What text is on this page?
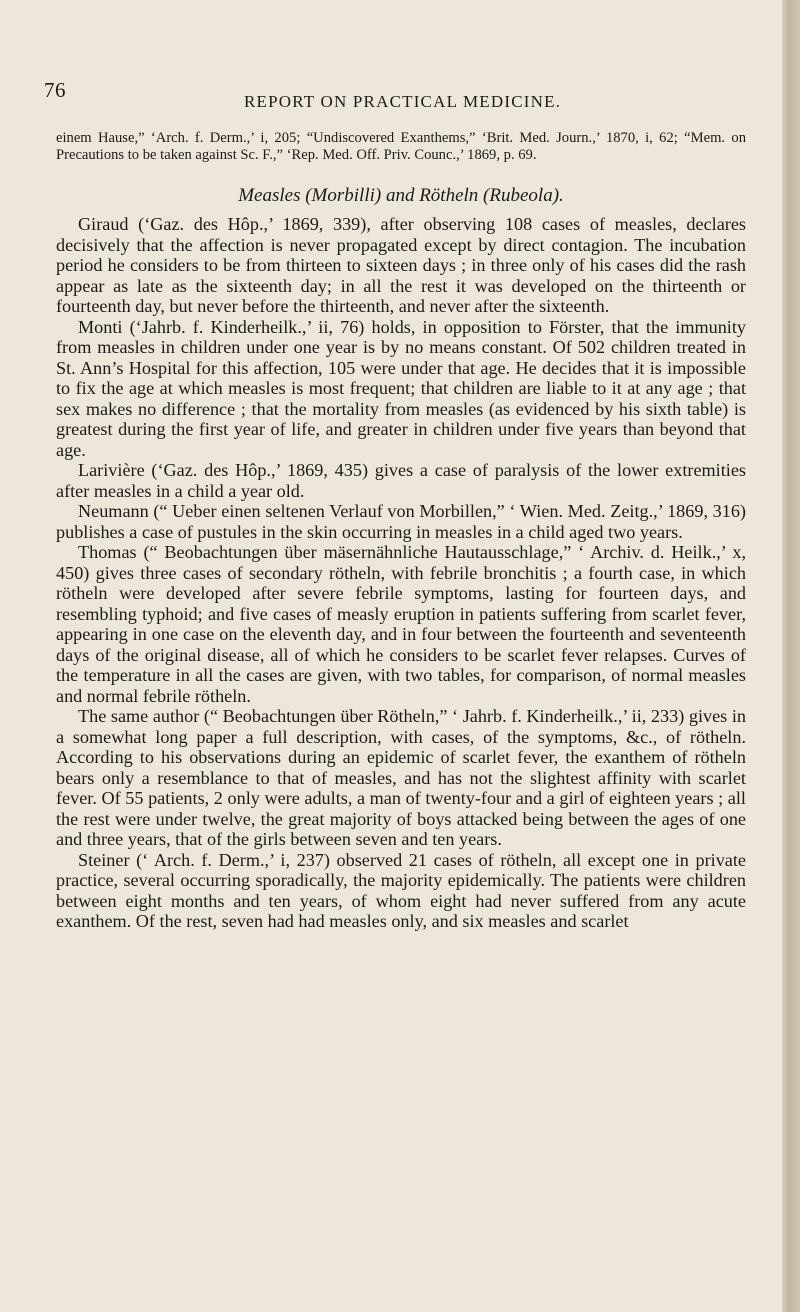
76	REPORT ON PRACTICAL MEDICINE.
einem Hause,” ‘Arch. f. Derm.,’ i, 205; “Undiscovered Exanthems,” ‘Brit. Med. Journ.,’ 1870, i, 62; “Mem. on Precautions to be taken against Sc. F.,” ‘Rep. Med. Off. Priv. Counc.,’ 1869, p. 69.
Measles (Morbilli) and Rötheln (Rubeola).

Giraud (‘Gaz. des Hôp.,’ 1869, 339), after observing 108 cases of measles, declares decisively that the affection is never propagated except by direct contagion. The incubation period he considers to be from thirteen to sixteen days ; in three only of his cases did the rash appear as late as the sixteenth day; in all the rest it was developed on the thirteenth or fourteenth day, but never before the thirteenth, and never after the sixteenth.

Monti (‘Jahrb. f. Kinderheilk.,’ ii, 76) holds, in opposition to Förster, that the immunity from measles in children under one year is by no means constant. Of 502 children treated in St. Ann’s Hospital for this affection, 105 were under that age. He decides that it is impossible to fix the age at which measles is most frequent; that children are liable to it at any age ; that sex makes no difference ; that the mortality from measles (as evidenced by his sixth table) is greatest during the first year of life, and greater in children under five years than beyond that age.

Larivière (‘Gaz. des Hôp.,’ 1869, 435) gives a case of paralysis of the lower extremities after measles in a child a year old.

Neumann (“ Ueber einen seltenen Verlauf von Morbillen,” ‘ Wien. Med. Zeitg.,’ 1869, 316) publishes a case of pustules in the skin occurring in measles in a child aged two years.

Thomas (“ Beobachtungen über mäsernähnliche Hautausschlage,” ‘ Archiv. d. Heilk.,’ x, 450) gives three cases of secondary rötheln, with febrile bronchitis ; a fourth case, in which rötheln were developed after severe febrile symptoms, lasting for fourteen days, and resembling typhoid; and five cases of measly eruption in patients suffering from scarlet fever, appearing in one case on the eleventh day, and in four between the fourteenth and seventeenth days of the original disease, all of which he considers to be scarlet fever relapses. Curves of the temperature in all the cases are given, with two tables, for comparison, of normal measles and normal febrile rötheln.

The same author (“ Beobachtungen über Rötheln,” ‘ Jahrb. f. Kinderheilk.,’ ii, 233) gives in a somewhat long paper a full description, with cases, of the symptoms, &c., of rötheln. According to his observations during an epidemic of scarlet fever, the exanthem of rötheln bears only a resemblance to that of measles, and has not the slightest affinity with scarlet fever. Of 55 patients, 2 only were adults, a man of twenty-four and a girl of eighteen years ; all the rest were under twelve, the great majority of boys attacked being between the ages of one and three years, that of the girls between seven and ten years.

Steiner (‘ Arch. f. Derm.,’ i, 237) observed 21 cases of rötheln, all except one in private practice, several occurring sporadically, the majority epidemically. The patients were children between eight months and ten years, of whom eight had never suffered from any acute exanthem. Of the rest, seven had had measles only, and six measles and scarlet
